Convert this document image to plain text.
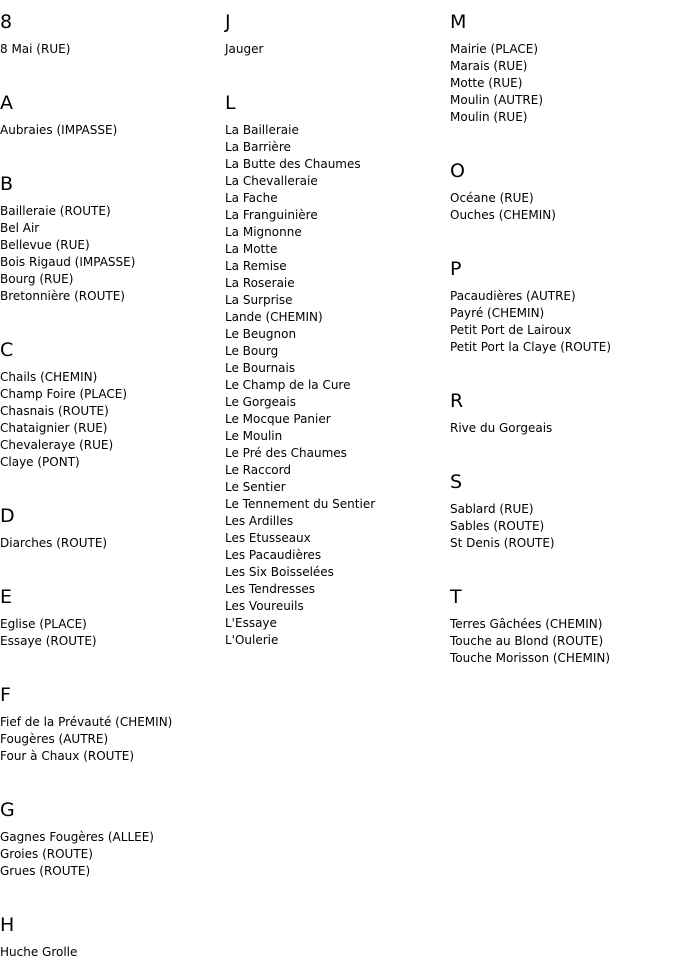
8
8 Mai (RUE)
A
Aubraies (IMPASSE)
B
Bailleraie (ROUTE)
Bel Air
Bellevue (RUE)
Bois Rigaud (IMPASSE)
Bourg (RUE)
Bretonnière (ROUTE)
C
Chails (CHEMIN)
Champ Foire (PLACE)
Chasnais (ROUTE)
Chataignier (RUE)
Chevaleraye (RUE)
Claye (PONT)
D
Diarches (ROUTE)
E
Eglise (PLACE)
Essaye (ROUTE)
F
Fief de la Prévauté (CHEMIN)
Fougères (AUTRE)
Four à Chaux (ROUTE)
G
Gagnes Fougères (ALLEE)
Groies (ROUTE)
Grues (ROUTE)
H
Huche Grolle
J
Jauger
L
La Bailleraie
La Barrière
La Butte des Chaumes
La Chevalleraie
La Fache
La Franguinière
La Mignonne
La Motte
La Remise
La Roseraie
La Surprise
Lande (CHEMIN)
Le Beugnon
Le Bourg
Le Bournais
Le Champ de la Cure
Le Gorgeais
Le Mocque Panier
Le Moulin
Le Pré des Chaumes
Le Raccord
Le Sentier
Le Tennement du Sentier
Les Ardilles
Les Etusseaux
Les Pacaudières
Les Six Boisselées
Les Tendresses
Les Voureuils
L'Essaye
L'Oulerie
M
Mairie (PLACE)
Marais (RUE)
Motte (RUE)
Moulin (AUTRE)
Moulin (RUE)
O
Océane (RUE)
Ouches (CHEMIN)
P
Pacaudières (AUTRE)
Payré (CHEMIN)
Petit Port de Lairoux
Petit Port la Claye (ROUTE)
R
Rive du Gorgeais
S
Sablard (RUE)
Sables (ROUTE)
St Denis (ROUTE)
T
Terres Gâchées (CHEMIN)
Touche au Blond (ROUTE)
Touche Morisson (CHEMIN)
